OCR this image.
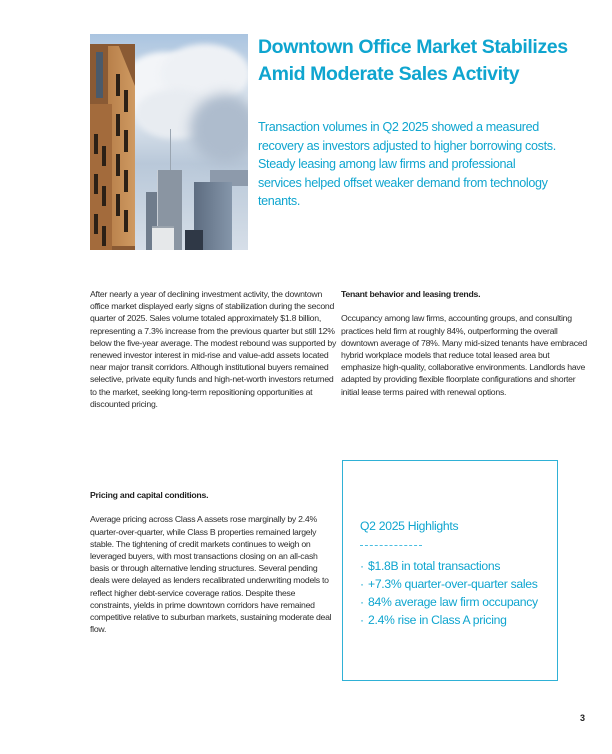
Downtown Office Market Stabilizes
Amid Moderate Sales Activity
Transaction volumes in Q2 2025 showed a measured recovery as investors adjusted to higher borrowing costs. Steady leasing among law firms and professional services helped offset weaker demand from technology tenants.

After nearly a year of declining investment activity, the downtown office market displayed early signs of stabilization during the second quarter of 2025. Sales volume totaled approximately $1.8 billion, representing a 7.3% increase from the previous quarter but still 12% below the five-year average. The modest rebound was supported by renewed investor interest in mid-rise and value-add assets located near major transit corridors. Although institutional buyers remained selective, private equity funds and high-net-worth investors returned to the market, seeking long-term repositioning opportunities at discounted pricing.

Tenant behavior and leasing trends.

Occupancy among law firms, accounting groups, and consulting practices held firm at roughly 84%, outperforming the overall downtown average of 78%. Many mid-sized tenants have embraced hybrid workplace models that reduce total leased area but emphasize high-quality, collaborative environments. Landlords have adapted by providing flexible floorplate configurations and shorter initial lease terms paired with renewal options.

Pricing and capital conditions.

Average pricing across Class A assets rose marginally by 2.4% quarter-over-quarter, while Class B properties remained largely stable. The tightening of credit markets continues to weigh on leveraged buyers, with most transactions closing on an all-cash basis or through alternative lending structures. Several pending deals were delayed as lenders recalibrated underwriting models to reflect higher debt-service coverage ratios. Despite these constraints, yields in prime downtown corridors have remained competitive relative to suburban markets, sustaining moderate deal flow.

Q2 2025 Highlights
· $1.8B in total transactions
· +7.3% quarter-over-quarter sales
· 84% average law firm occupancy
· 2.4% rise in Class A pricing
3
